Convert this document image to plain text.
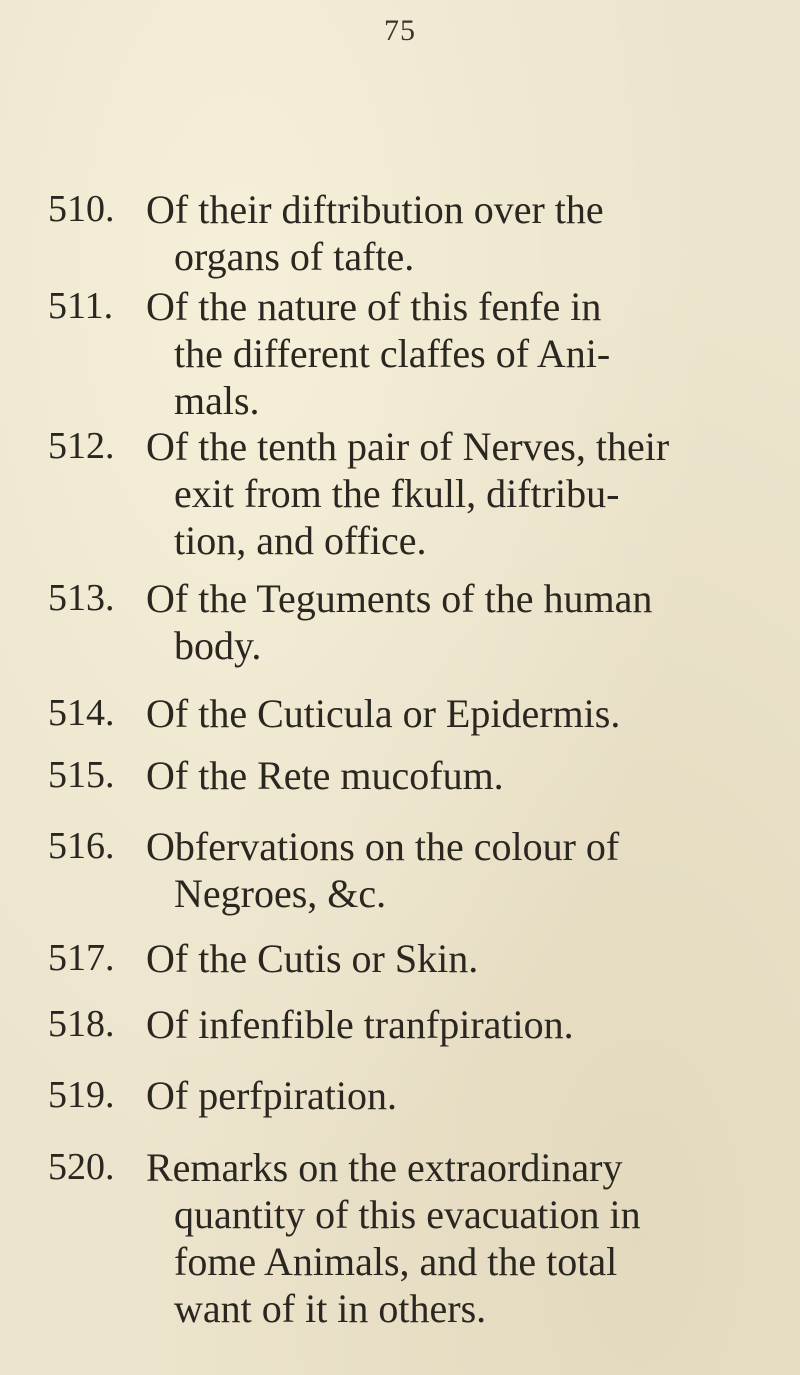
75
510. Of their diftribution over the
organs of tafte.
511. Of the nature of this fenfe in
the different claffes of Ani-
mals.
512. Of the tenth pair of Nerves, their
exit from the fkull, diftribu-
tion, and office.
513. Of the Teguments of the human
body.
514. Of the Cuticula or Epidermis.
515. Of the Rete mucofum.
516. Obfervations on the colour of
Negroes, &c.
517. Of the Cutis or Skin.
518. Of infenfible tranfpiration.
519. Of perfpiration.
520. Remarks on the extraordinary
quantity of this evacuation in
fome Animals, and the total
want of it in others.
